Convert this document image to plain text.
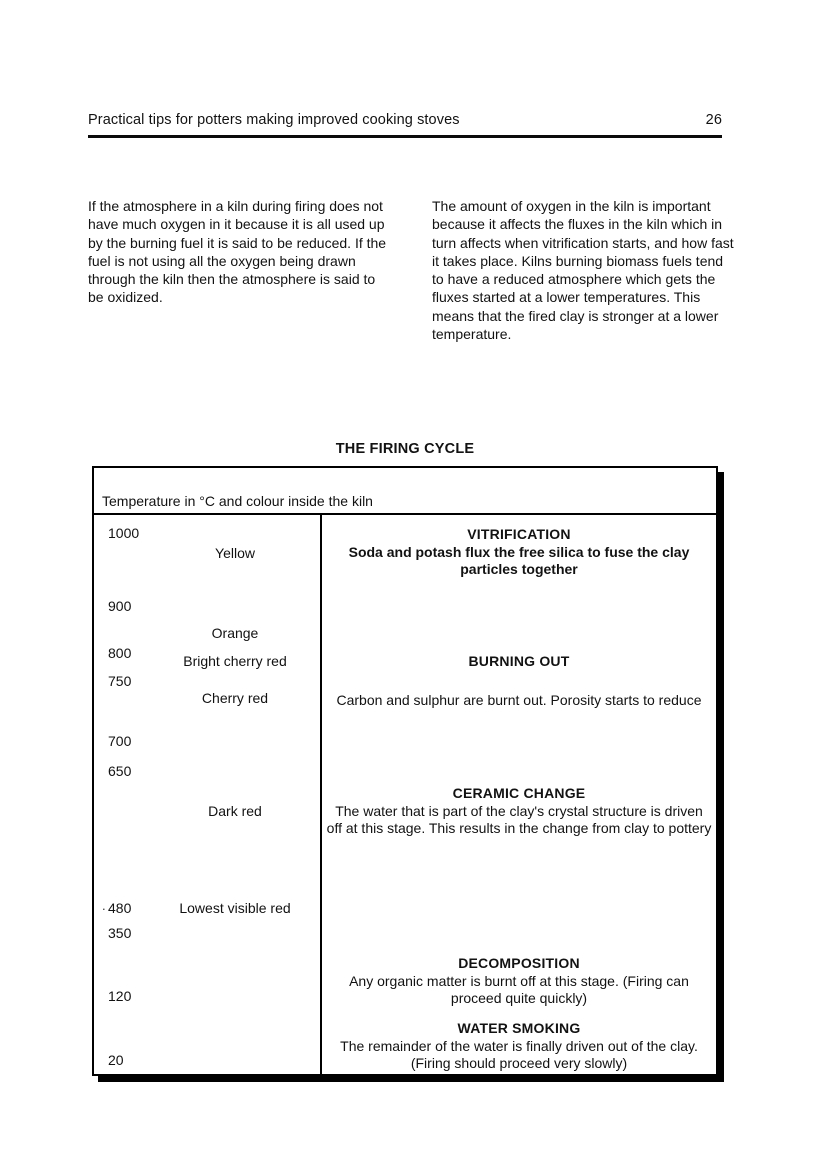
Practical tips for potters making improved cooking stoves	26

If the atmosphere in a kiln during firing does not have much oxygen in it because it is all used up by the burning fuel it is said to be reduced. If the fuel is not using all the oxygen being drawn through the kiln then the atmosphere is said to be oxidized.

The amount of oxygen in the kiln is important because it affects the fluxes in the kiln which in turn affects when vitrification starts, and how fast it takes place. Kilns burning biomass fuels tend to have a reduced atmosphere which gets the fluxes started at a lower temperatures. This means that the fired clay is stronger at a lower temperature.

THE FIRING CYCLE
Temperature in °C and colour inside the kiln
1000
900
800
750
700
650
480
350
120
20
.
Yellow
Orange
Bright cherry red
Cherry red
Dark red
Lowest visible red
VITRIFICATION
Soda and potash flux the free silica to fuse the clay particles together
BURNING OUT
Carbon and sulphur are burnt out. Porosity starts to reduce
CERAMIC CHANGE
The water that is part of the clay's crystal structure is driven off at this stage. This results in the change from clay to pottery
DECOMPOSITION
Any organic matter is burnt off at this stage. (Firing can proceed quite quickly)
WATER SMOKING
The remainder of the water is finally driven out of the clay. (Firing should proceed very slowly)
